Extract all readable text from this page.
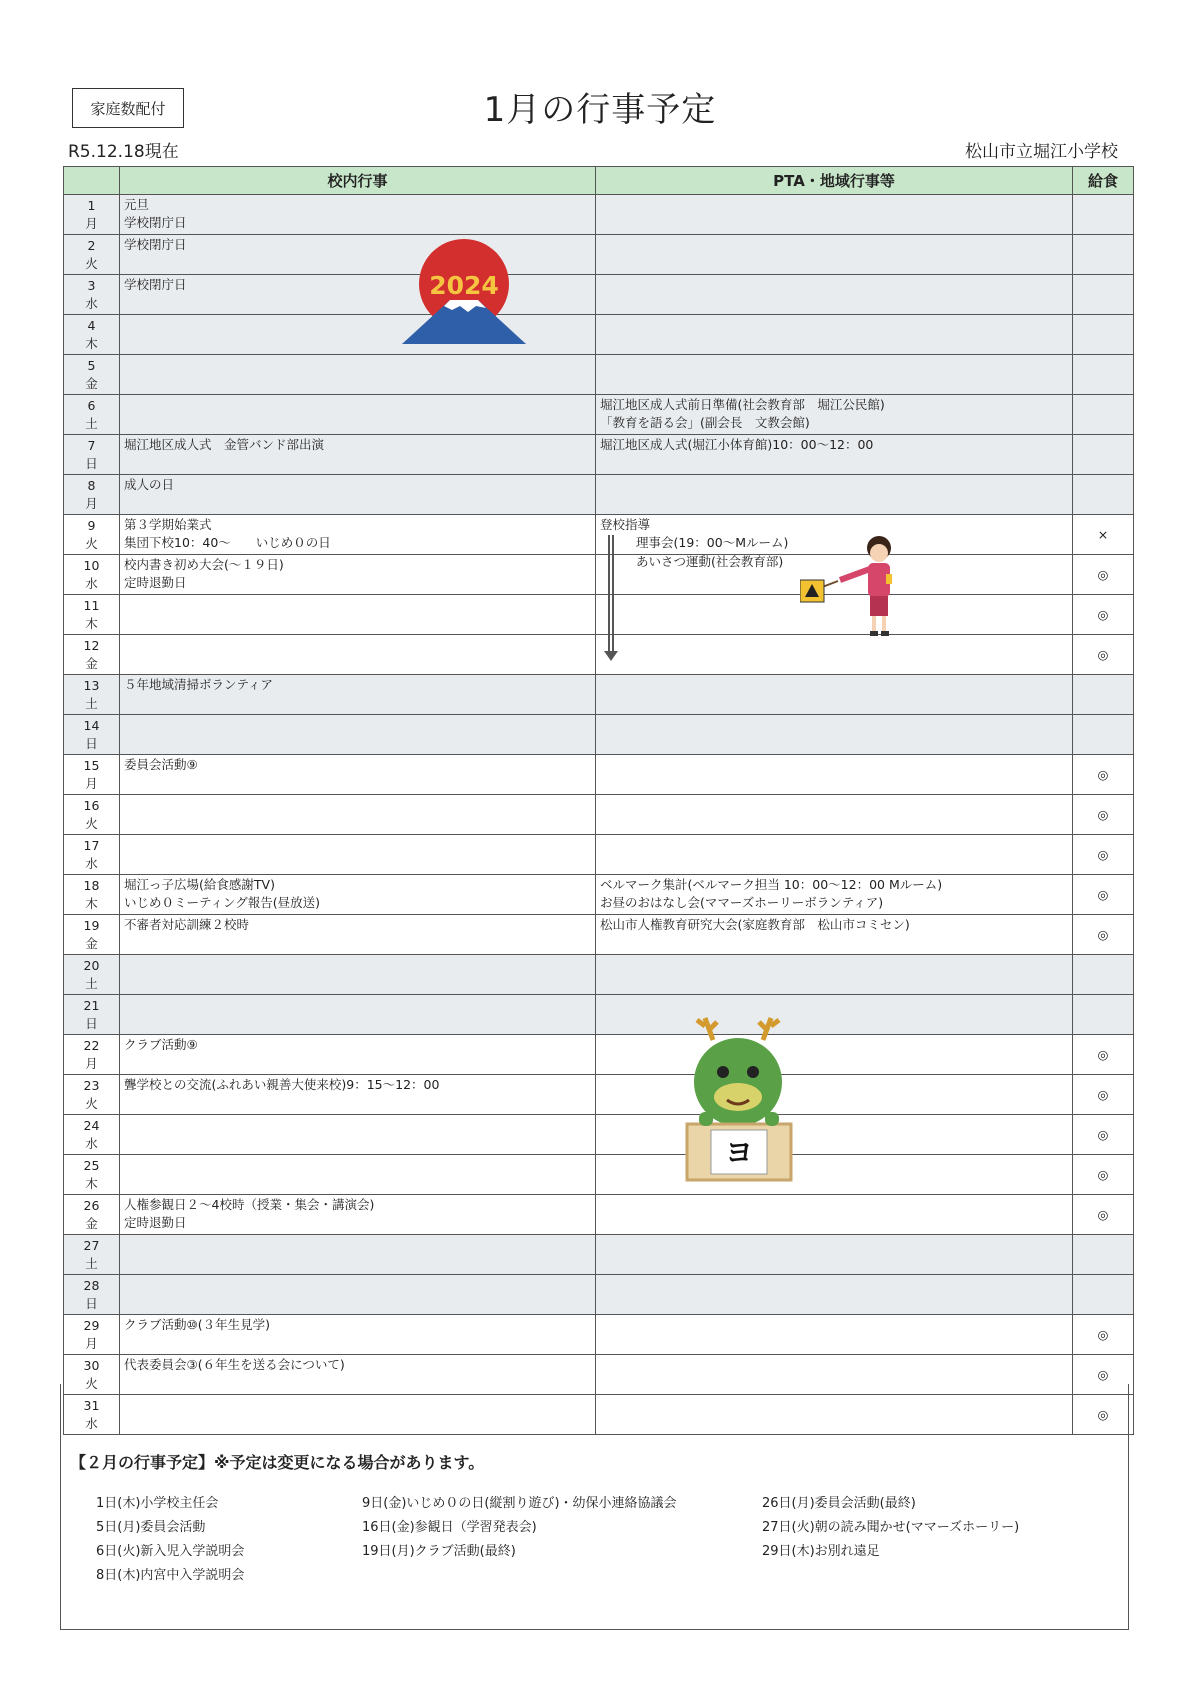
家庭数配付	1月の行事予定
R5.12.18現在	松山市立堀江小学校
	校内行事	PTA・地域行事等	給食

1
月	元旦
学校閉庁日		

2
火	学校閉庁日		

3
水	学校閉庁日		

4
木			

5
金			

6
土		堀江地区成人式前日準備(社会教育部　堀江公民館)
「教育を語る会」(副会長　文教会館)	

7
日	堀江地区成人式　金管バンド部出演	堀江地区成人式(堀江小体育館)10：00～12：00	

8
月	成人の日		

9
火	第３学期始業式
集団下校10：40～　　いじめ０の日	登校指導
理事会(19：00～Mルーム)
あいさつ運動(社会教育部)	×

10
水	校内書き初め大会(～１９日)
定時退勤日		◎

11
木			◎

12
金			◎

13
土	５年地域清掃ボランティア		

14
日			

15
月	委員会活動⑨		◎

16
火			◎

17
水			◎

18
木	堀江っ子広場(給食感謝TV)
いじめ０ミーティング報告(昼放送)	ベルマーク集計(ベルマーク担当 10：00～12：00 Mルーム)
お昼のおはなし会(ママーズホーリーボランティア)	◎

19
金	不審者対応訓練２校時	松山市人権教育研究大会(家庭教育部　松山市コミセン)	◎

20
土			

21
日			

22
月	クラブ活動⑨		◎

23
火	聾学校との交流(ふれあい親善大使来校)9：15～12：00		◎

24
水			◎

25
木			◎

26
金	人権参観日２～4校時（授業・集会・講演会)
定時退勤日		◎

27
土			

28
日			

29
月	クラブ活動⑩(３年生見学)		◎

30
火	代表委員会③(６年生を送る会について)		◎

31
水			◎
2024
ヨ
【２月の行事予定】※予定は変更になる場合があります。
1日(木)小学校主任会
5日(月)委員会活動
6日(火)新入児入学説明会
8日(木)内宮中入学説明会
9日(金)いじめ０の日(縦割り遊び)・幼保小連絡協議会
16日(金)参観日（学習発表会)
19日(月)クラブ活動(最終)
26日(月)委員会活動(最終)
27日(火)朝の読み聞かせ(ママーズホーリー)
29日(木)お別れ遠足
